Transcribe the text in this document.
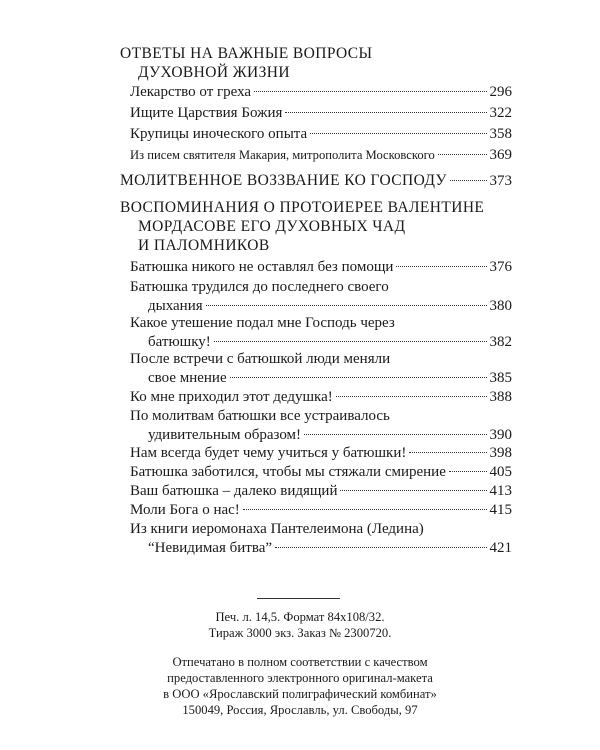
ОТВЕТЫ НА ВАЖНЫЕ ВОПРОСЫ
ДУХОВНОЙ ЖИЗНИ
Лекарство от греха	296
Ищите Царствия Божия	322
Крупицы иноческого опыта	358
Из писем святителя Макария, митрополита Московского	369
МОЛИТВЕННОЕ ВОЗЗВАНИЕ КО ГОСПОДУ	373
ВОСПОМИНАНИЯ О ПРОТОИЕРЕЕ ВАЛЕНТИНЕ
МОРДАСОВЕ ЕГО ДУХОВНЫХ ЧАД
И ПАЛОМНИКОВ
Батюшка никого не оставлял без помощи	376
Батюшка трудился до последнего своего
дыхания	380
Какое утешение подал мне Господь через
батюшку!	382
После встречи с батюшкой люди меняли
свое мнение	385
Ко мне приходил этот дедушка!	388
По молитвам батюшки все устраивалось
удивительным образом!	390
Нам всегда будет чему учиться у батюшки!	398
Батюшка заботился, чтобы мы стяжали смирение	405
Ваш батюшка – далеко видящий	413
Моли Бога о нас!	415
Из книги иеромонаха Пантелеимона (Ледина)
“Невидимая битва”	421
Печ. л. 14,5. Формат 84х108/32.
Тираж 3000 экз. Заказ № 2300720.
Отпечатано в полном соответствии с качеством
предоставленного электронного оригинал-макета
в ООО «Ярославский полиграфический комбинат»
150049, Россия, Ярославль, ул. Свободы, 97
